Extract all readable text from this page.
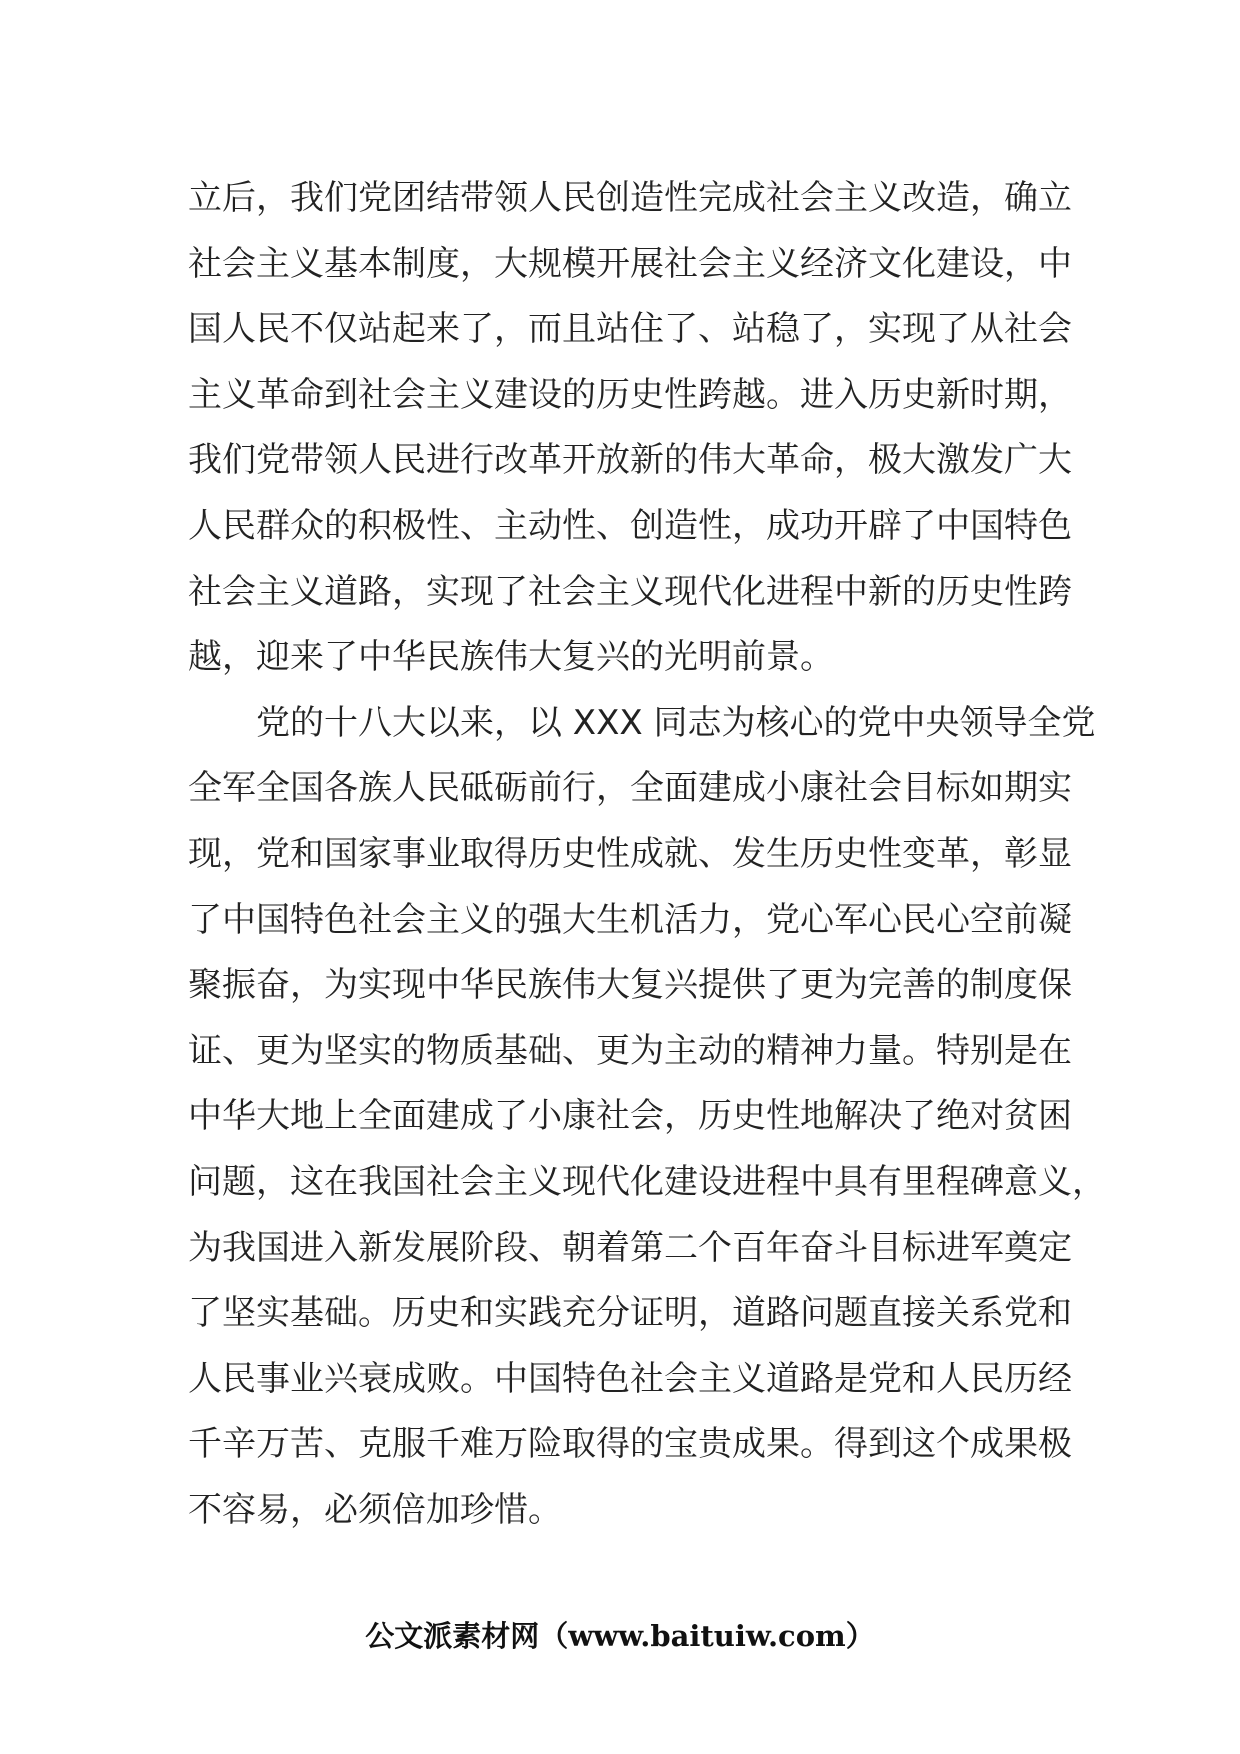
立后，我们党团结带领人民创造性完成社会主义改造，确立
社会主义基本制度，大规模开展社会主义经济文化建设，中
国人民不仅站起来了，而且站住了、站稳了，实现了从社会
主义革命到社会主义建设的历史性跨越。进入历史新时期，
我们党带领人民进行改革开放新的伟大革命，极大激发广大
人民群众的积极性、主动性、创造性，成功开辟了中国特色
社会主义道路，实现了社会主义现代化进程中新的历史性跨
越，迎来了中华民族伟大复兴的光明前景。
党的十八大以来，以 XXX 同志为核心的党中央领导全党
全军全国各族人民砥砺前行，全面建成小康社会目标如期实
现，党和国家事业取得历史性成就、发生历史性变革，彰显
了中国特色社会主义的强大生机活力，党心军心民心空前凝
聚振奋，为实现中华民族伟大复兴提供了更为完善的制度保
证、更为坚实的物质基础、更为主动的精神力量。特别是在
中华大地上全面建成了小康社会，历史性地解决了绝对贫困
问题，这在我国社会主义现代化建设进程中具有里程碑意义，
为我国进入新发展阶段、朝着第二个百年奋斗目标进军奠定
了坚实基础。历史和实践充分证明，道路问题直接关系党和
人民事业兴衰成败。中国特色社会主义道路是党和人民历经
千辛万苦、克服千难万险取得的宝贵成果。得到这个成果极
不容易，必须倍加珍惜。
公文派素材网（www.baituiw.com）
